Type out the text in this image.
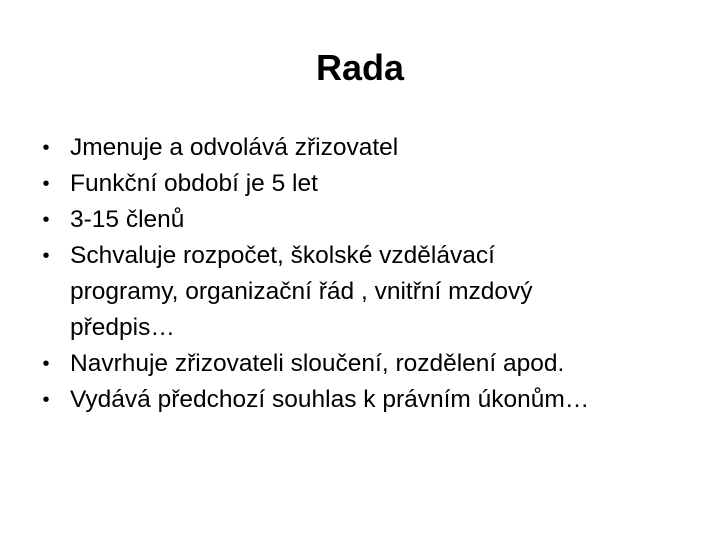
Rada
• Jmenuje a odvolává zřizovatel
• Funkční období je 5 let
• 3-15 členů
• Schvaluje rozpočet, školské vzdělávací
programy, organizační řád , vnitřní mzdový
předpis…
• Navrhuje zřizovateli sloučení, rozdělení apod.
• Vydává předchozí souhlas k právním úkonům…
